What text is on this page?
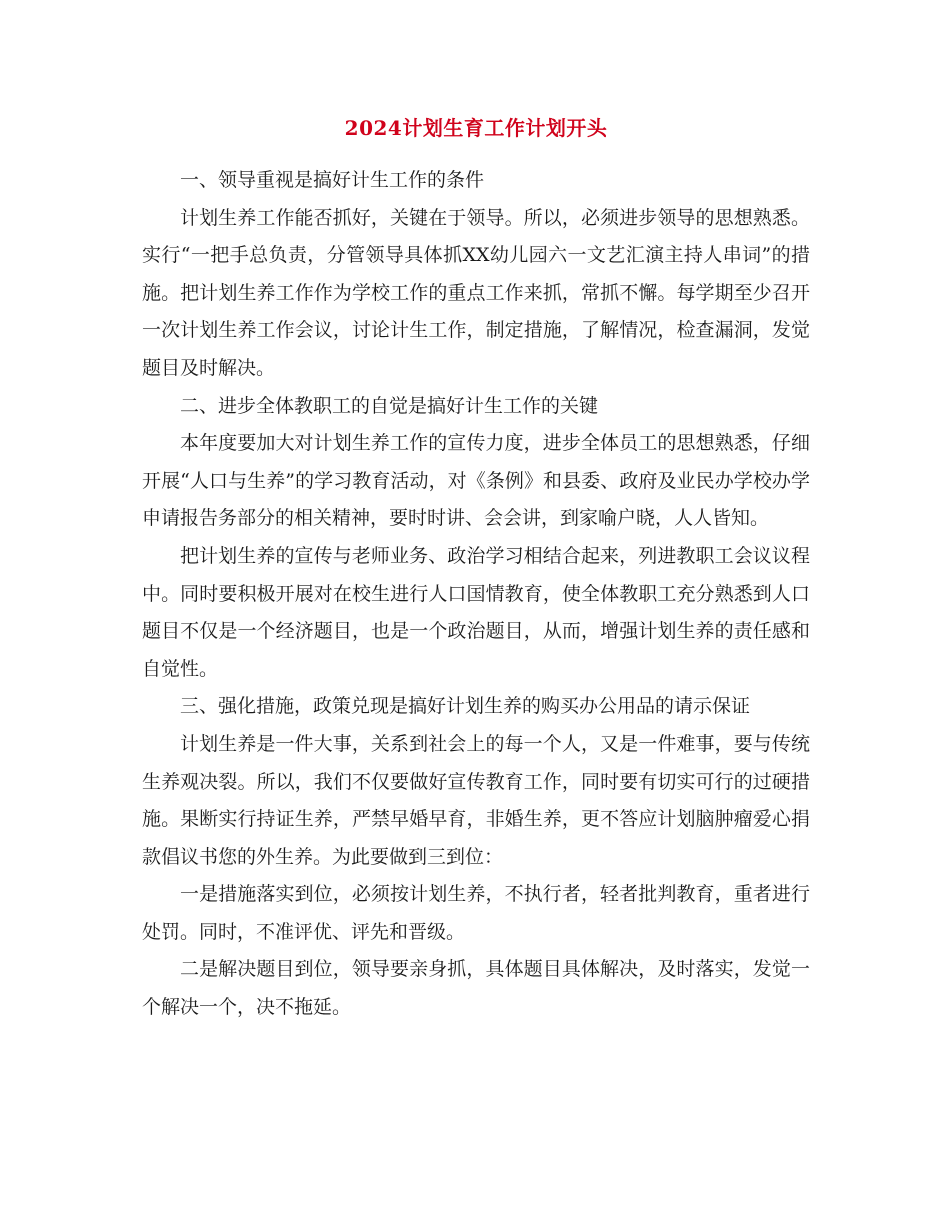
2024计划生育工作计划开头

一、领导重视是搞好计生工作的条件

计划生养工作能否抓好，关键在于领导。所以，必须进步领导的思想熟悉。实行“一把手总负责，分管领导具体抓XX幼儿园六一文艺汇演主持人串词”的措施。把计划生养工作作为学校工作的重点工作来抓，常抓不懈。每学期至少召开一次计划生养工作会议，讨论计生工作，制定措施，了解情况，检查漏洞，发觉题目及时解决。

二、进步全体教职工的自觉是搞好计生工作的关键

本年度要加大对计划生养工作的宣传力度，进步全体员工的思想熟悉，仔细开展“人口与生养”的学习教育活动，对《条例》和县委、政府及业民办学校办学申请报告务部分的相关精神，要时时讲、会会讲，到家喻户晓，人人皆知。

把计划生养的宣传与老师业务、政治学习相结合起来，列进教职工会议议程中。同时要积极开展对在校生进行人口国情教育，使全体教职工充分熟悉到人口题目不仅是一个经济题目，也是一个政治题目，从而，增强计划生养的责任感和自觉性。

三、强化措施，政策兑现是搞好计划生养的购买办公用品的请示保证

计划生养是一件大事，关系到社会上的每一个人，又是一件难事，要与传统生养观决裂。所以，我们不仅要做好宣传教育工作，同时要有切实可行的过硬措施。果断实行持证生养，严禁早婚早育，非婚生养，更不答应计划脑肿瘤爱心捐款倡议书您的外生养。为此要做到三到位：

一是措施落实到位，必须按计划生养，不执行者，轻者批判教育，重者进行处罚。同时，不准评优、评先和晋级。

二是解决题目到位，领导要亲身抓，具体题目具体解决，及时落实，发觉一个解决一个，决不拖延。
